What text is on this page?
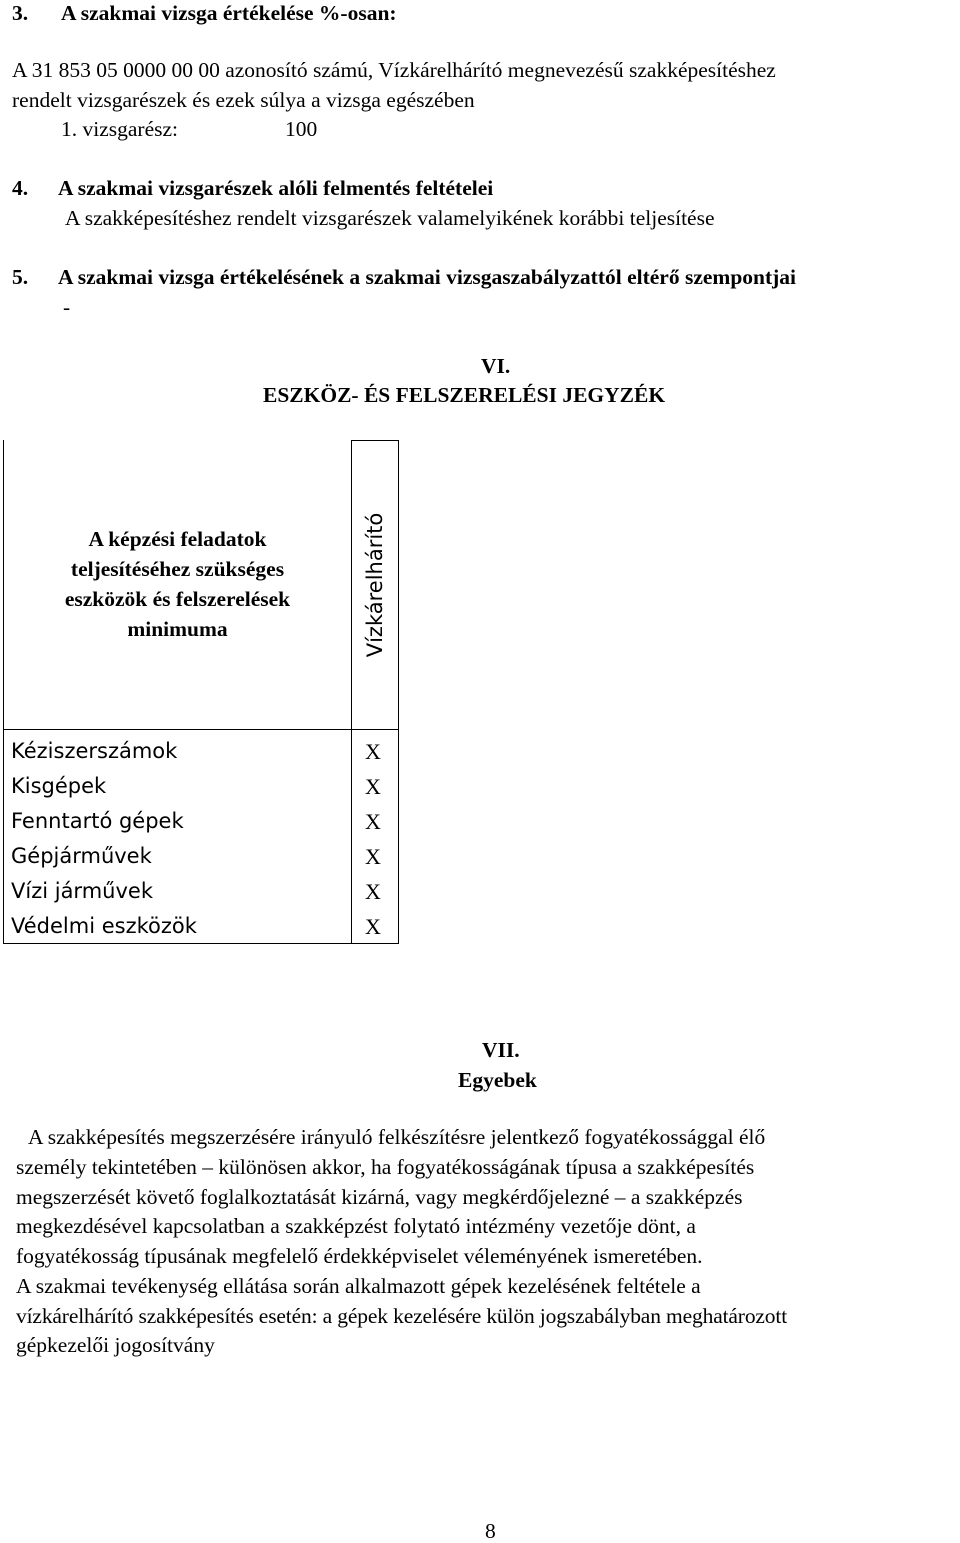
3. A szakmai vizsga értékelése %-osan:
A 31 853 05 0000 00 00 azonosító számú, Vízkárelhárító megnevezésű szakképesítéshez
rendelt vizsgarészek és ezek súlya a vizsga egészében
1. vizsgarész:	100
4. A szakmai vizsgarészek alóli felmentés feltételei
A szakképesítéshez rendelt vizsgarészek valamelyikének korábbi teljesítése
5. A szakmai vizsga értékelésének a szakmai vizsgaszabályzattól eltérő szempontjai
-
VI.
ESZKÖZ- ÉS FELSZERELÉSI JEGYZÉK
A képzési feladatok
teljesítéséhez szükséges
eszközök és felszerelések
minimuma	Vízkárelhárító
Kéziszerszámok	X
Kisgépek	X
Fenntartó gépek	X
Gépjárművek	X
Vízi járművek	X
Védelmi eszközök	X
VII.
Egyebek
A szakképesítés megszerzésére irányuló felkészítésre jelentkező fogyatékossággal élő
személy tekintetében – különösen akkor, ha fogyatékosságának típusa a szakképesítés
megszerzését követő foglalkoztatását kizárná, vagy megkérdőjelezné – a szakképzés
megkezdésével kapcsolatban a szakképzést folytató intézmény vezetője dönt, a
fogyatékosság típusának megfelelő érdekképviselet véleményének ismeretében.
A szakmai tevékenység ellátása során alkalmazott gépek kezelésének feltétele a
vízkárelhárító szakképesítés esetén: a gépek kezelésére külön jogszabályban meghatározott
gépkezelői jogosítvány
8
